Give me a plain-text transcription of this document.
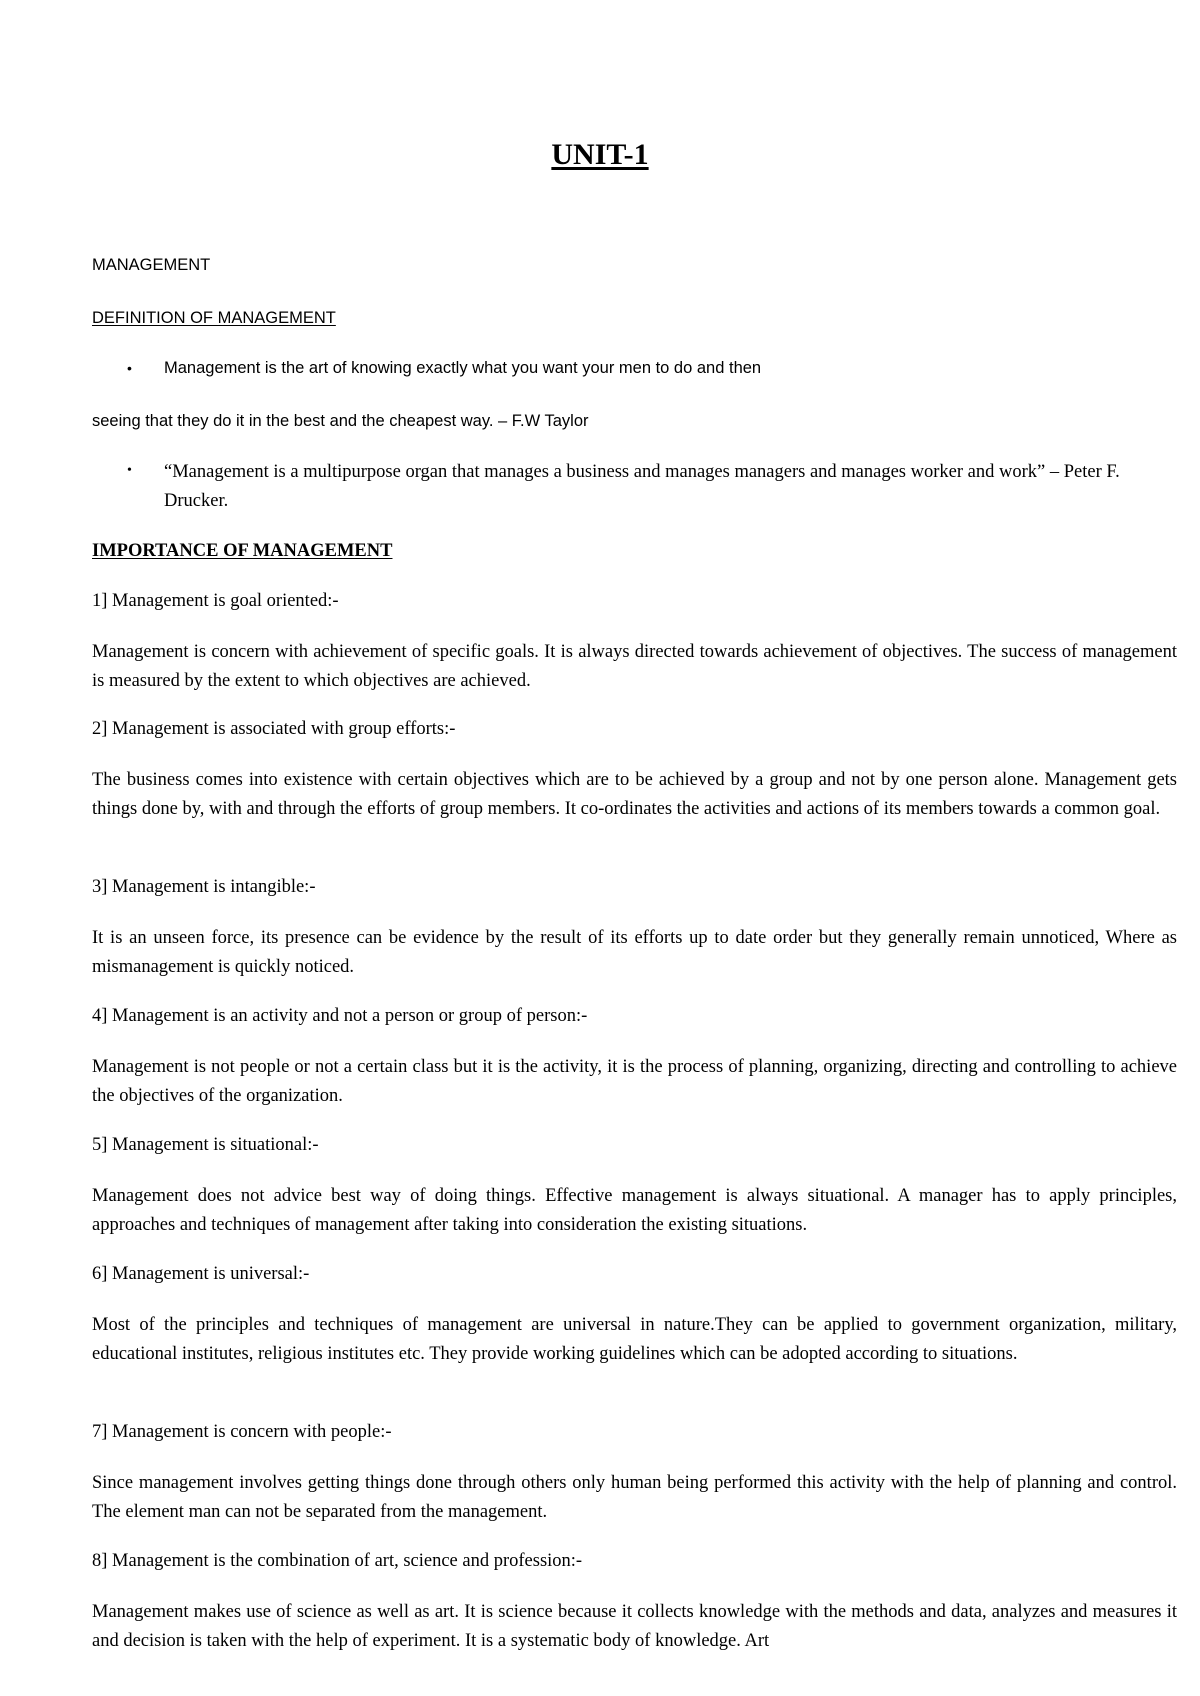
UNIT-1
MANAGEMENT
DEFINITION OF MANAGEMENT
• Management is the art of knowing exactly what you want your men to do and then
seeing that they do it in the best and the cheapest way. – F.W Taylor
• “Management is a multipurpose organ that manages a business and manages managers and manages worker and work” – Peter F. Drucker.
IMPORTANCE OF MANAGEMENT
1] Management is goal oriented:-
Management is concern with achievement of specific goals. It is always directed towards achievement of objectives. The success of management is measured by the extent to which objectives are achieved.
2] Management is associated with group efforts:-
The business comes into existence with certain objectives which are to be achieved by a group and not by one person alone. Management gets things done by, with and through the efforts of group members. It co-ordinates the activities and actions of its members towards a common goal.
3] Management is intangible:-
It is an unseen force, its presence can be evidence by the result of its efforts up to date order but they generally remain unnoticed, Where as mismanagement is quickly noticed.
4] Management is an activity and not a person or group of person:-
Management is not people or not a certain class but it is the activity, it is the process of planning, organizing, directing and controlling to achieve the objectives of the organization.
5] Management is situational:-
Management does not advice best way of doing things. Effective management is always situational. A manager has to apply principles, approaches and techniques of management after taking into consideration the existing situations.
6] Management is universal:-
Most of the principles and techniques of management are universal in nature.They can be applied to government organization, military, educational institutes, religious institutes etc. They provide working guidelines which can be adopted according to situations.
7] Management is concern with people:-
Since management involves getting things done through others only human being performed this activity with the help of planning and control. The element man can not be separated from the management.
8] Management is the combination of art, science and profession:-
Management makes use of science as well as art. It is science because it collects knowledge with the methods and data, analyzes and measures it and decision is taken with the help of experiment. It is a systematic body of knowledge. Art
